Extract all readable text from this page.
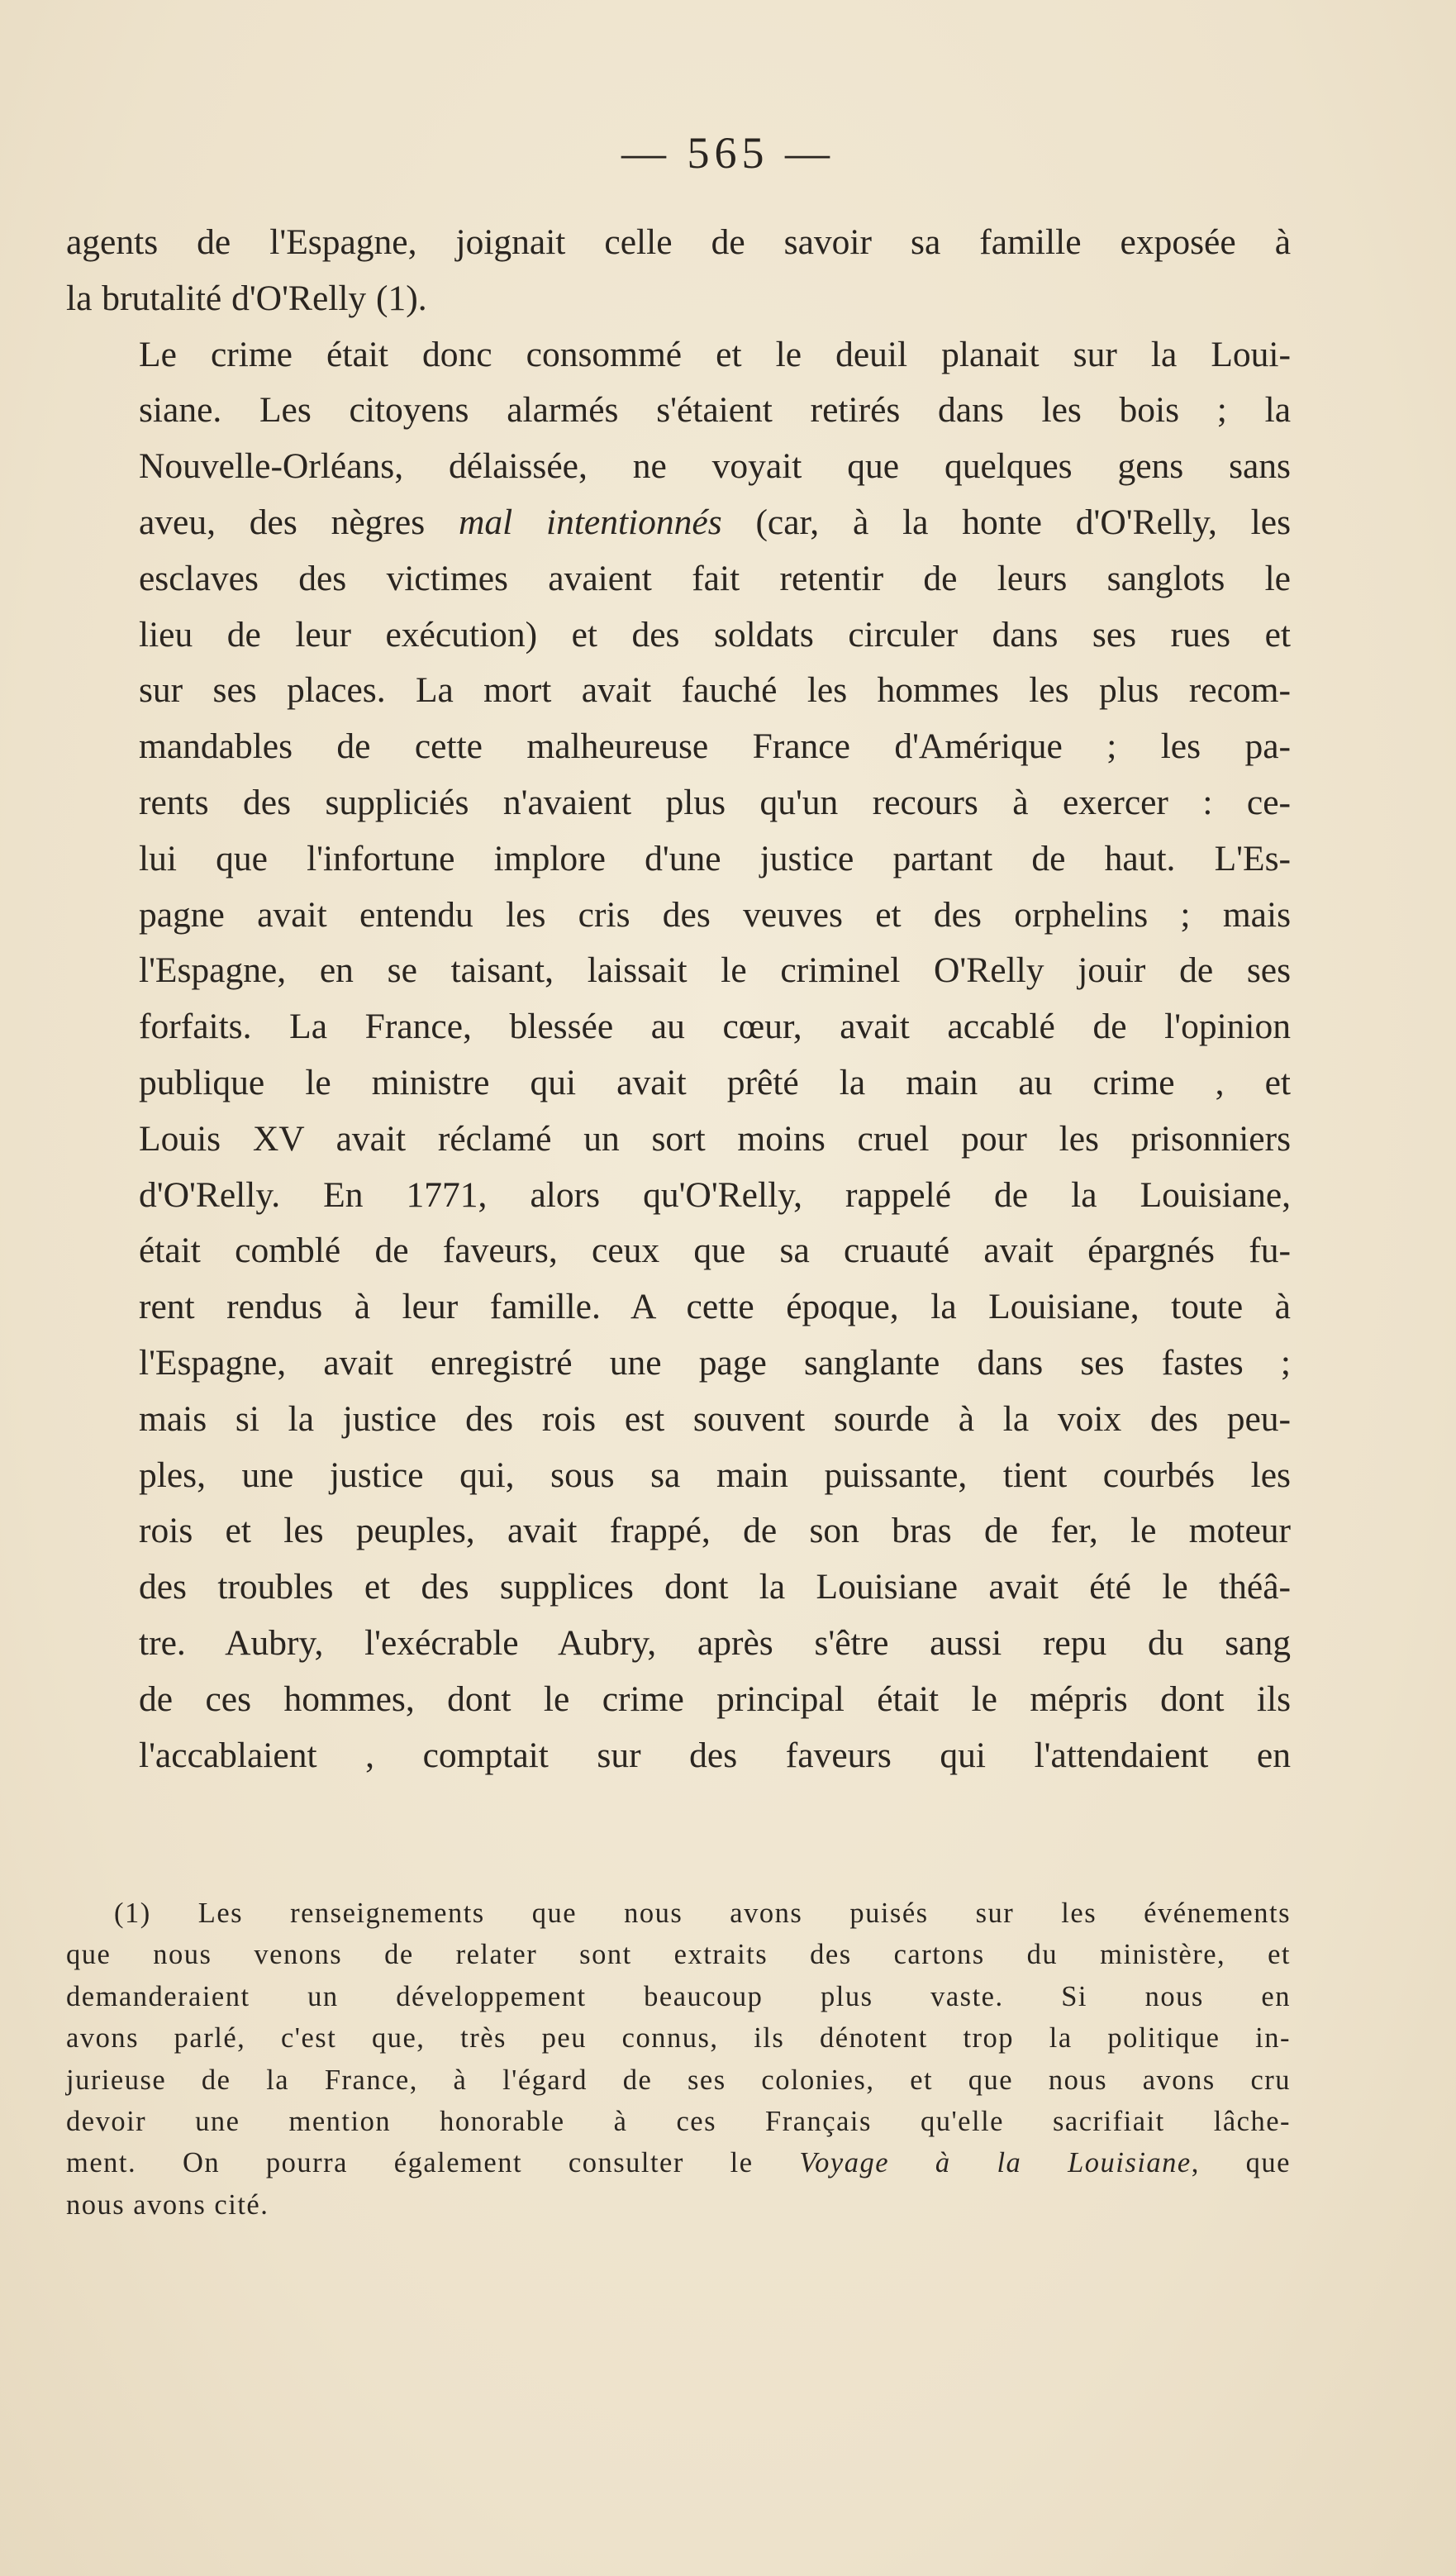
— 565 —

agents de l'Espagne, joignait celle de savoir sa famille exposée à
la brutalité d'O'Relly (1).

Le crime était donc consommé et le deuil planait sur la Loui-
siane. Les citoyens alarmés s'étaient retirés dans les bois ; la
Nouvelle-Orléans, délaissée, ne voyait que quelques gens sans
aveu, des nègres mal intentionnés (car, à la honte d'O'Relly, les
esclaves des victimes avaient fait retentir de leurs sanglots le
lieu de leur exécution) et des soldats circuler dans ses rues et
sur ses places. La mort avait fauché les hommes les plus recom-
mandables de cette malheureuse France d'Amérique ; les pa-
rents des suppliciés n'avaient plus qu'un recours à exercer : ce-
lui que l'infortune implore d'une justice partant de haut. L'Es-
pagne avait entendu les cris des veuves et des orphelins ; mais
l'Espagne, en se taisant, laissait le criminel O'Relly jouir de ses
forfaits. La France, blessée au cœur, avait accablé de l'opinion
publique le ministre qui avait prêté la main au crime , et
Louis XV avait réclamé un sort moins cruel pour les prisonniers
d'O'Relly. En 1771, alors qu'O'Relly, rappelé de la Louisiane,
était comblé de faveurs, ceux que sa cruauté avait épargnés fu-
rent rendus à leur famille. A cette époque, la Louisiane, toute à
l'Espagne, avait enregistré une page sanglante dans ses fastes ;
mais si la justice des rois est souvent sourde à la voix des peu-
ples, une justice qui, sous sa main puissante, tient courbés les
rois et les peuples, avait frappé, de son bras de fer, le moteur
des troubles et des supplices dont la Louisiane avait été le théâ-
tre. Aubry, l'exécrable Aubry, après s'être aussi repu du sang
de ces hommes, dont le crime principal était le mépris dont ils
l'accablaient , comptait sur des faveurs qui l'attendaient en

(1) Les renseignements que nous avons puisés sur les événements
que nous venons de relater sont extraits des cartons du ministère, et
demanderaient un développement beaucoup plus vaste. Si nous en
avons parlé, c'est que, très peu connus, ils dénotent trop la politique in-
jurieuse de la France, à l'égard de ses colonies, et que nous avons cru
devoir une mention honorable à ces Français qu'elle sacrifiait lâche-
ment. On pourra également consulter le Voyage à la Louisiane, que
nous avons cité.
